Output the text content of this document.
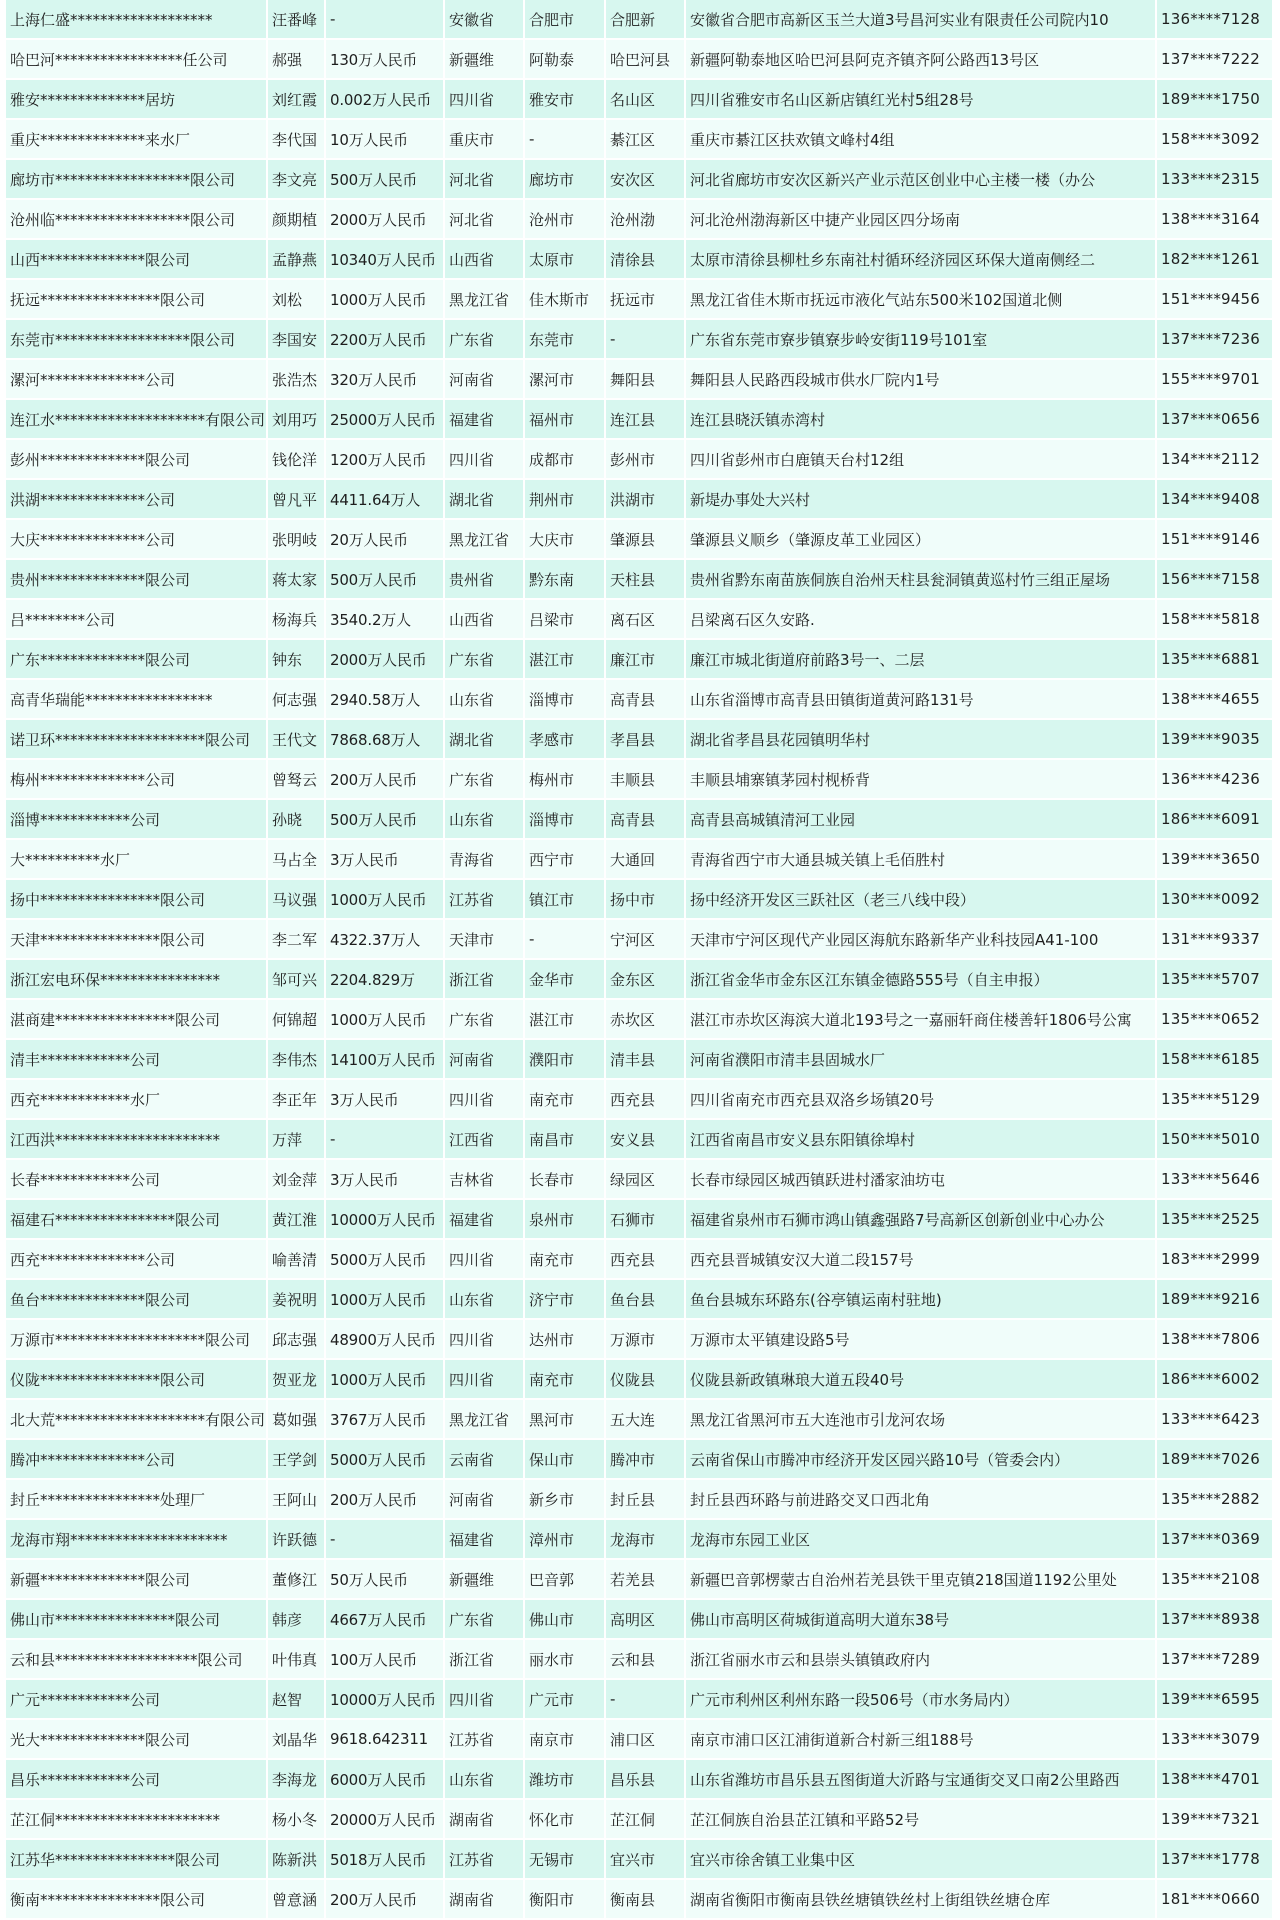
上海仁盛*******************	汪番峰	-	安徽省	合肥市	合肥新	安徽省合肥市高新区玉兰大道3号昌河实业有限责任公司院内10	136****7128
哈巴河*****************任公司	郝强	130万人民币	新疆维	阿勒泰	哈巴河县	新疆阿勒泰地区哈巴河县阿克齐镇齐阿公路西13号区	137****7222
雅安**************居坊	刘红霞	0.002万人民币	四川省	雅安市	名山区	四川省雅安市名山区新店镇红光村5组28号	189****1750
重庆**************来水厂	李代国	10万人民币	重庆市	-	綦江区	重庆市綦江区扶欢镇文峰村4组	158****3092
廊坊市******************限公司	李文亮	500万人民币	河北省	廊坊市	安次区	河北省廊坊市安次区新兴产业示范区创业中心主楼一楼（办公	133****2315
沧州临******************限公司	颜期植	2000万人民币	河北省	沧州市	沧州渤	河北沧州渤海新区中捷产业园区四分场南	138****3164
山西**************限公司	孟静燕	10340万人民币	山西省	太原市	清徐县	太原市清徐县柳杜乡东南社村循环经济园区环保大道南侧经二	182****1261
抚远****************限公司	刘松	1000万人民币	黑龙江省	佳木斯市	抚远市	黑龙江省佳木斯市抚远市液化气站东500米102国道北侧	151****9456
东莞市******************限公司	李国安	2200万人民币	广东省	东莞市	-	广东省东莞市寮步镇寮步岭安街119号101室	137****7236
漯河**************公司	张浩杰	320万人民币	河南省	漯河市	舞阳县	舞阳县人民路西段城市供水厂院内1号	155****9701
连江水********************有限公司	刘用巧	25000万人民币	福建省	福州市	连江县	连江县晓沃镇赤湾村	137****0656
彭州**************限公司	钱伦洋	1200万人民币	四川省	成都市	彭州市	四川省彭州市白鹿镇天台村12组	134****2112
洪湖**************公司	曾凡平	4411.64万人	湖北省	荆州市	洪湖市	新堤办事处大兴村	134****9408
大庆**************公司	张明岐	20万人民币	黑龙江省	大庆市	肇源县	肇源县义顺乡（肇源皮革工业园区）	151****9146
贵州**************限公司	蒋太家	500万人民币	贵州省	黔东南	天柱县	贵州省黔东南苗族侗族自治州天柱县瓮洞镇黄巡村竹三组正屋场	156****7158
吕********公司	杨海兵	3540.2万人	山西省	吕梁市	离石区	吕梁离石区久安路.	158****5818
广东**************限公司	钟东	2000万人民币	广东省	湛江市	廉江市	廉江市城北街道府前路3号一、二层	135****6881
高青华瑞能*****************	何志强	2940.58万人	山东省	淄博市	高青县	山东省淄博市高青县田镇街道黄河路131号	138****4655
诺卫环********************限公司	王代文	7868.68万人	湖北省	孝感市	孝昌县	湖北省孝昌县花园镇明华村	139****9035
梅州**************公司	曾驽云	200万人民币	广东省	梅州市	丰顺县	丰顺县埔寨镇茅园村枧桥背	136****4236
淄博************公司	孙晓	500万人民币	山东省	淄博市	高青县	高青县高城镇清河工业园	186****6091
大**********水厂	马占全	3万人民币	青海省	西宁市	大通回	青海省西宁市大通县城关镇上毛佰胜村	139****3650
扬中****************限公司	马议强	1000万人民币	江苏省	镇江市	扬中市	扬中经济开发区三跃社区（老三八线中段）	130****0092
天津****************限公司	李二军	4322.37万人	天津市	-	宁河区	天津市宁河区现代产业园区海航东路新华产业科技园A41-100	131****9337
浙江宏电环保****************	邹可兴	2204.829万	浙江省	金华市	金东区	浙江省金华市金东区江东镇金德路555号（自主申报）	135****5707
湛商建****************限公司	何锦超	1000万人民币	广东省	湛江市	赤坎区	湛江市赤坎区海滨大道北193号之一嘉丽轩商住楼善轩1806号公寓	135****0652
清丰************公司	李伟杰	14100万人民币	河南省	濮阳市	清丰县	河南省濮阳市清丰县固城水厂	158****6185
西充************水厂	李正年	3万人民币	四川省	南充市	西充县	四川省南充市西充县双洛乡场镇20号	135****5129
江西洪**********************	万萍	-	江西省	南昌市	安义县	江西省南昌市安义县东阳镇徐埠村	150****5010
长春************公司	刘金萍	3万人民币	吉林省	长春市	绿园区	长春市绿园区城西镇跃进村潘家油坊屯	133****5646
福建石****************限公司	黄江淮	10000万人民币	福建省	泉州市	石狮市	福建省泉州市石狮市鸿山镇鑫强路7号高新区创新创业中心办公	135****2525
西充**************公司	喻善清	5000万人民币	四川省	南充市	西充县	西充县晋城镇安汉大道二段157号	183****2999
鱼台**************限公司	姜祝明	1000万人民币	山东省	济宁市	鱼台县	鱼台县城东环路东(谷亭镇运南村驻地)	189****9216
万源市********************限公司	邱志强	48900万人民币	四川省	达州市	万源市	万源市太平镇建设路5号	138****7806
仪陇****************限公司	贺亚龙	1000万人民币	四川省	南充市	仪陇县	仪陇县新政镇琳琅大道五段40号	186****6002
北大荒********************有限公司	葛如强	3767万人民币	黑龙江省	黑河市	五大连	黑龙江省黑河市五大连池市引龙河农场	133****6423
腾冲**************公司	王学剑	5000万人民币	云南省	保山市	腾冲市	云南省保山市腾冲市经济开发区园兴路10号（管委会内）	189****7026
封丘****************处理厂	王阿山	200万人民币	河南省	新乡市	封丘县	封丘县西环路与前进路交叉口西北角	135****2882
龙海市翔*********************	许跃德	-	福建省	漳州市	龙海市	龙海市东园工业区	137****0369
新疆**************限公司	董修江	50万人民币	新疆维	巴音郭	若羌县	新疆巴音郭楞蒙古自治州若羌县铁干里克镇218国道1192公里处	135****2108
佛山市****************限公司	韩彦	4667万人民币	广东省	佛山市	高明区	佛山市高明区荷城街道高明大道东38号	137****8938
云和县*******************限公司	叶伟真	100万人民币	浙江省	丽水市	云和县	浙江省丽水市云和县崇头镇镇政府内	137****7289
广元************公司	赵智	10000万人民币	四川省	广元市	-	广元市利州区利州东路一段506号（市水务局内）	139****6595
光大**************限公司	刘晶华	9618.642311	江苏省	南京市	浦口区	南京市浦口区江浦街道新合村新三组188号	133****3079
昌乐************公司	李海龙	6000万人民币	山东省	潍坊市	昌乐县	山东省潍坊市昌乐县五图街道大沂路与宝通街交叉口南2公里路西	138****4701
芷江侗**********************	杨小冬	20000万人民币	湖南省	怀化市	芷江侗	芷江侗族自治县芷江镇和平路52号	139****7321
江苏华****************限公司	陈新洪	5018万人民币	江苏省	无锡市	宜兴市	宜兴市徐舍镇工业集中区	137****1778
衡南****************限公司	曾意涵	200万人民币	湖南省	衡阳市	衡南县	湖南省衡阳市衡南县铁丝塘镇铁丝村上街组铁丝塘仓库	181****0660
